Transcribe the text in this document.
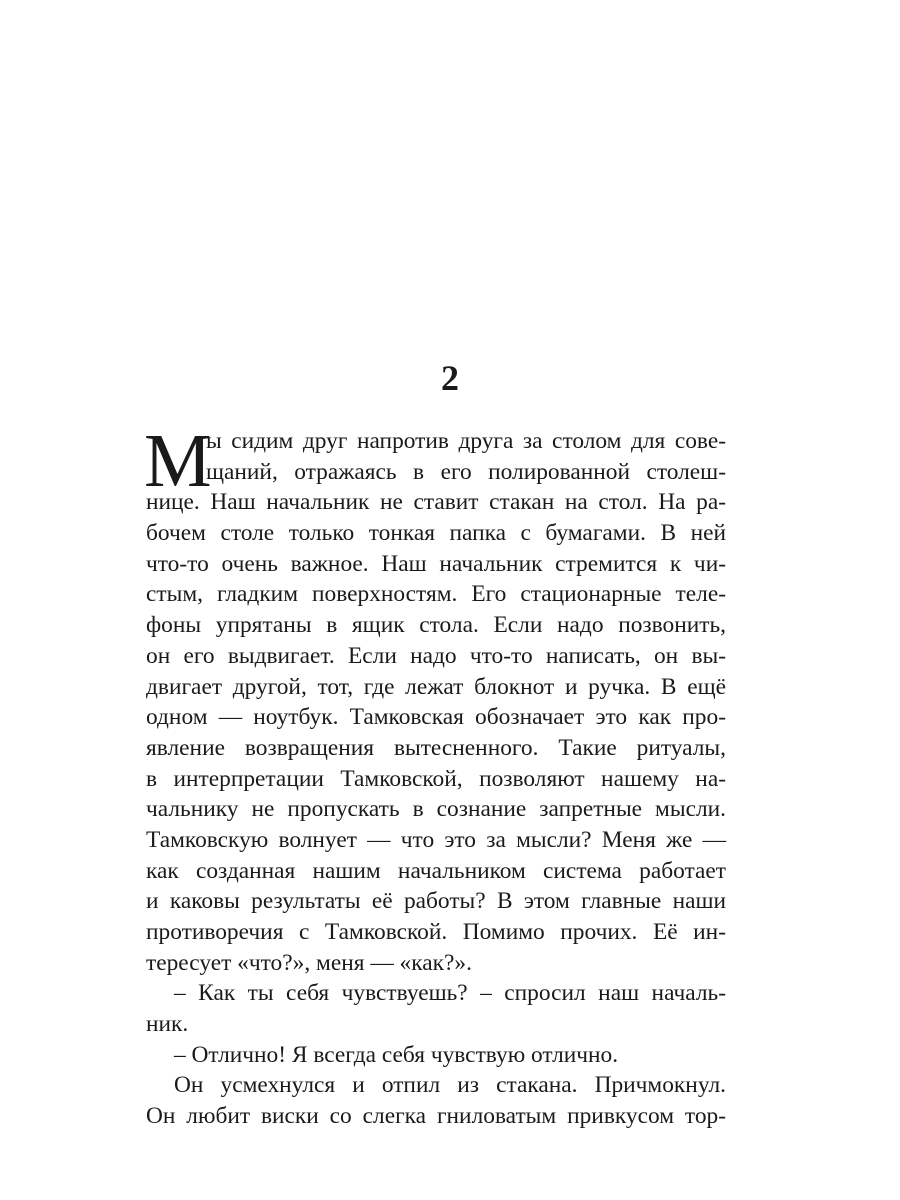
2
М
ы сидим друг напротив друга за столом для сове-
щаний, отражаясь в его полированной столеш-
нице. Наш начальник не ставит стакан на стол. На ра-
бочем столе только тонкая папка с бумагами. В ней
что-то очень важное. Наш начальник стремится к чи-
стым, гладким поверхностям. Его стационарные теле-
фоны упрятаны в ящик стола. Если надо позвонить,
он его выдвигает. Если надо что-то написать, он вы-
двигает другой, тот, где лежат блокнот и ручка. В ещё
одном — ноутбук. Тамковская обозначает это как про-
явление возвращения вытесненного. Такие ритуалы,
в интерпретации Тамковской, позволяют нашему на-
чальнику не пропускать в сознание запретные мысли.
Тамковскую волнует — что это за мысли? Меня же —
как созданная нашим начальником система работает
и каковы результаты её работы? В этом главные наши
противоречия с Тамковской. Помимо прочих. Её ин-
тересует «что?», меня — «как?».
– Как ты себя чувствуешь? – спросил наш началь-
ник.
– Отлично! Я всегда себя чувствую отлично.
Он усмехнулся и отпил из стакана. Причмокнул.
Он любит виски со слегка гниловатым привкусом тор-
